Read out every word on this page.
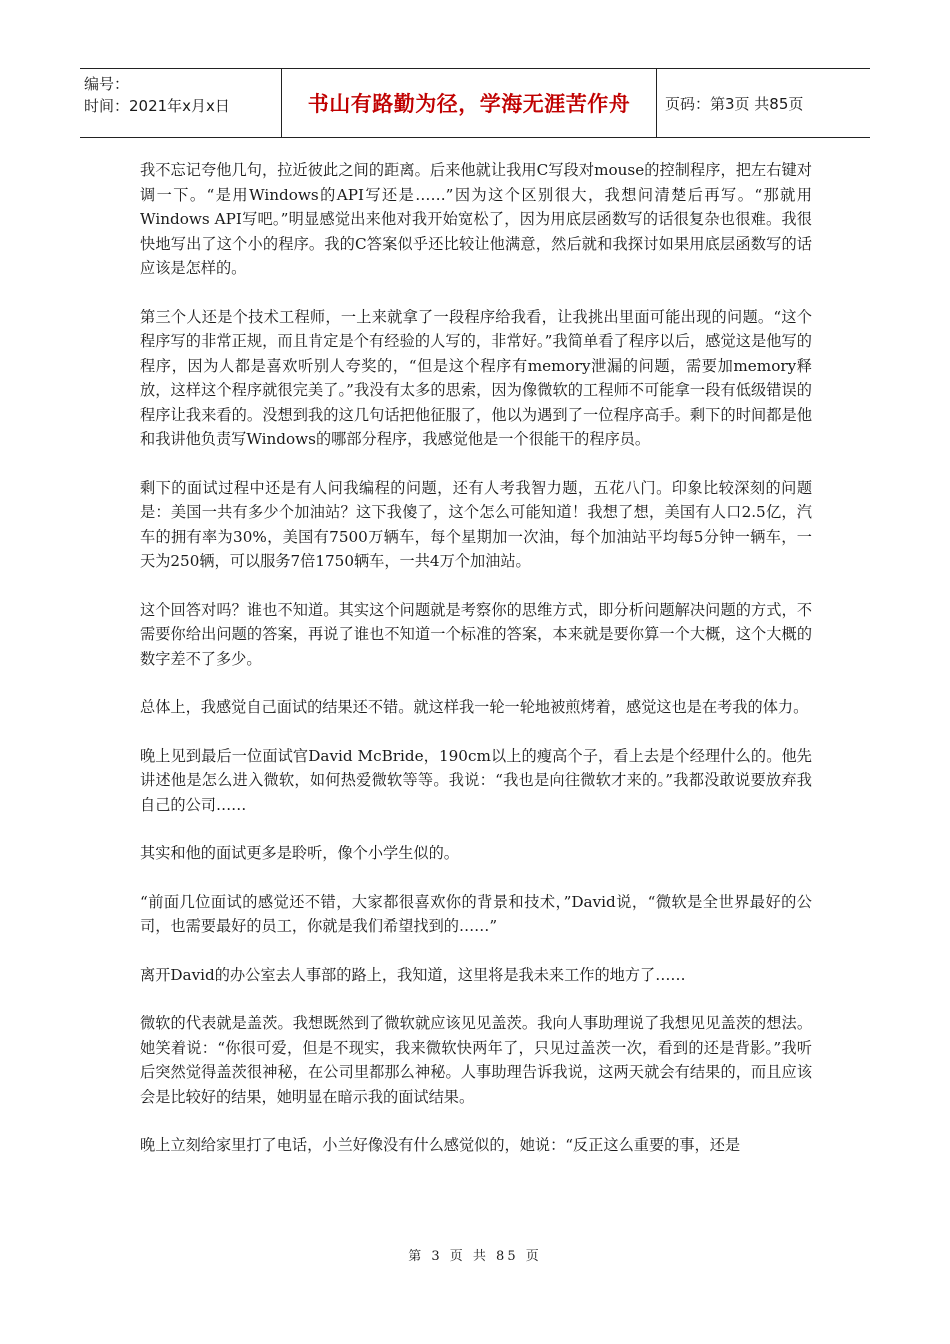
编号：
时间：2021年x月x日	书山有路勤为径，学海无涯苦作舟	页码：第3页 共85页

我不忘记夸他几句，拉近彼此之间的距离。后来他就让我用C写段对mouse的控制程序，把左右键对调一下。“是用Windows的API写还是……”因为这个区别很大，我想问清楚后再写。“那就用Windows API写吧。”明显感觉出来他对我开始宽松了，因为用底层函数写的话很复杂也很难。我很快地写出了这个小的程序。我的C答案似乎还比较让他满意，然后就和我探讨如果用底层函数写的话应该是怎样的。

第三个人还是个技术工程师，一上来就拿了一段程序给我看，让我挑出里面可能出现的问题。“这个程序写的非常正规，而且肯定是个有经验的人写的，非常好。”我简单看了程序以后，感觉这是他写的程序，因为人都是喜欢听别人夸奖的，“但是这个程序有memory泄漏的问题，需要加memory释放，这样这个程序就很完美了。”我没有太多的思索，因为像微软的工程师不可能拿一段有低级错误的程序让我来看的。没想到我的这几句话把他征服了，他以为遇到了一位程序高手。剩下的时间都是他和我讲他负责写Windows的哪部分程序，我感觉他是一个很能干的程序员。

剩下的面试过程中还是有人问我编程的问题，还有人考我智力题，五花八门。印象比较深刻的问题是：美国一共有多少个加油站？这下我傻了，这个怎么可能知道！我想了想，美国有人口2.5亿，汽车的拥有率为30%，美国有7500万辆车，每个星期加一次油，每个加油站平均每5分钟一辆车，一天为250辆，可以服务7倍1750辆车，一共4万个加油站。

这个回答对吗？谁也不知道。其实这个问题就是考察你的思维方式，即分析问题解决问题的方式，不需要你给出问题的答案，再说了谁也不知道一个标准的答案，本来就是要你算一个大概，这个大概的数字差不了多少。

总体上，我感觉自己面试的结果还不错。就这样我一轮一轮地被煎烤着，感觉这也是在考我的体力。

晚上见到最后一位面试官David McBride，190cm以上的瘦高个子，看上去是个经理什么的。他先讲述他是怎么进入微软，如何热爱微软等等。我说：“我也是向往微软才来的。”我都没敢说要放弃我自己的公司……

其实和他的面试更多是聆听，像个小学生似的。

“前面几位面试的感觉还不错，大家都很喜欢你的背景和技术，”David说，“微软是全世界最好的公司，也需要最好的员工，你就是我们希望找到的……”

离开David的办公室去人事部的路上，我知道，这里将是我未来工作的地方了……

微软的代表就是盖茨。我想既然到了微软就应该见见盖茨。我向人事助理说了我想见见盖茨的想法。她笑着说：“你很可爱，但是不现实，我来微软快两年了，只见过盖茨一次，看到的还是背影。”我听后突然觉得盖茨很神秘，在公司里都那么神秘。人事助理告诉我说，这两天就会有结果的，而且应该会是比较好的结果，她明显在暗示我的面试结果。

晚上立刻给家里打了电话，小兰好像没有什么感觉似的，她说：“反正这么重要的事，还是

第 3 页 共 85 页
